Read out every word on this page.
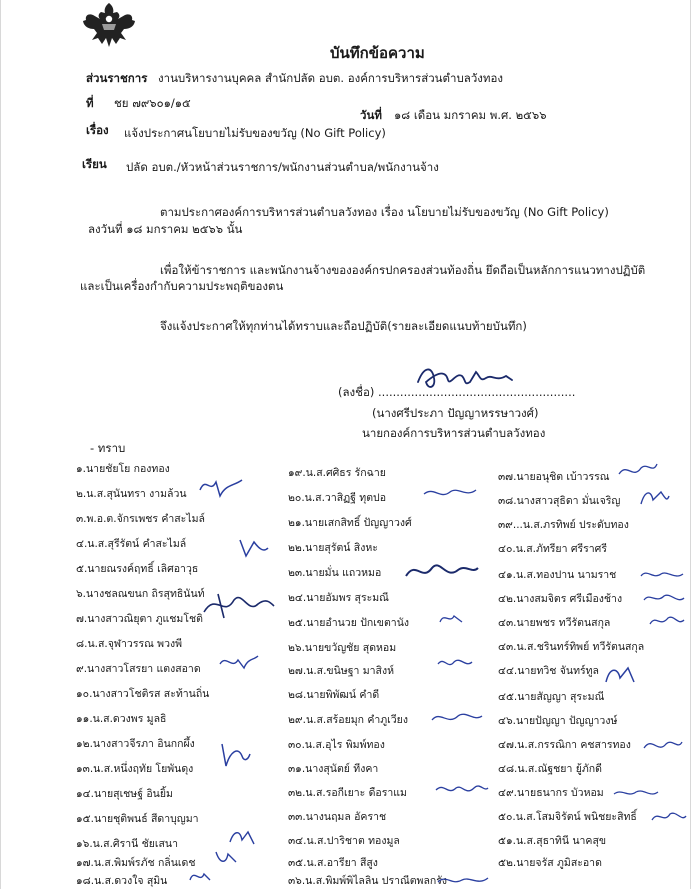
บันทึกข้อความ
ส่วนราชการ งานบริหารงานบุคคล สำนักปลัด อบต. องค์การบริหารส่วนตำบลวังทอง
ที่ ชย ๗๙๖๐๑/๑๕
วันที่ ๑๘ เดือน มกราคม พ.ศ. ๒๕๖๖
เรื่อง แจ้งประกาศนโยบายไม่รับของขวัญ (No Gift Policy)
เรียน ปลัด อบต./หัวหน้าส่วนราชการ/พนักงานส่วนตำบล/พนักงานจ้าง
ตามประกาศองค์การบริหารส่วนตำบลวังทอง เรื่อง นโยบายไม่รับของขวัญ (No Gift Policy)
ลงวันที่ ๑๘ มกราคม ๒๕๖๖ นั้น
เพื่อให้ข้าราชการ และพนักงานจ้างขององค์กรปกครองส่วนท้องถิ่น ยึดถือเป็นหลักการแนวทางปฏิบัติ
และเป็นเครื่องกำกับความประพฤติของตน
จึงแจ้งประกาศให้ทุกท่านได้ทราบและถือปฏิบัติ(รายละเอียดแนบท้ายบันทึก)
(ลงชื่อ) ......................................................
(นางศรีประภา ปัญญาหรรษาวงศ์)
นายกองค์การบริหารส่วนตำบลวังทอง
- ทราบ
๑.นายชัยโย กองทอง
๒.น.ส.สุนันทรา งามล้วน
๓.พ.อ.ต.จักรเพชร คำสะไมล์
๔.น.ส.สุรีรัตน์ คำสะไมล์
๕.นายณรงค์ฤทธิ์ เลิศอาวุธ
๖.นางชลณขนก ถิรสุทธินันท์
๗.นางสาวณิยุตา ภูแชมโชติ
๘.น.ส.จุฬาวรรณ พวงพี
๙.นางสาวโสรยา แตงสอาด
๑๐.นางสาวโชติรส สะท้านถิ่น
๑๑.น.ส.ดวงพร มูลธิ
๑๒.นางสาวจีรภา อินกกผึ้ง
๑๓.น.ส.หนึ่งฤทัย โยพันดุง
๑๔.นายสุเชษฐ์ อินยิ้ม
๑๕.นายชุติพนธ์ สีดาบุญมา
๑๖.น.ส.ศิรานี ชัยเสนา
๑๗.น.ส.พิมพ์รภัช กลิ่นเดช
๑๘.น.ส.ดวงใจ สุมิน
๑๙.น.ส.ศศิธร รักฉาย
๒๐.น.ส.วาสิฏฐี ทุตปอ
๒๑.นายเสกสิทธิ์ ปัญญาวงศ์
๒๒.นายสุรัตน์ สิงหะ
๒๓.นายมั่น แถวหมอ
๒๔.นายอัมพร สุระมณี
๒๕.นายอำนวย ปักเขตานัง
๒๖.นายขวัญชัย สุดหอม
๒๗.น.ส.ขนิษฐา มาสิงห์
๒๘.นายพิพัฒน์ คำดี
๒๙.น.ส.สร้อยมุก คำภูเวียง
๓๐.น.ส.อุไร พิมพ์ทอง
๓๑.นางสุนัตย์ ทีงคา
๓๒.น.ส.รอกีเยาะ ดือราแม
๓๓.นางนฤมล อัคราช
๓๔.น.ส.ปาริชาต ทองมูล
๓๕.น.ส.อารียา สีสูง
๓๖.น.ส.พิมพ์พิไลลิน ปราณีตพลกรัง
๓๗.นายอนุชิต เบ้าวรรณ
๓๘.นางสาวสุธิดา มั่นเจริญ
๓๙...น.ส.ภรทิพย์ ประดับทอง
๔๐.น.ส.ภัทรียา ศรีราศรี
๔๑.น.ส.ทองปาน นามราช
๔๒.นางสมจิตร ศรีเมืองช้าง
๔๓.นายพชร ทวีรัตนสกุล
๔๓.น.ส.ชรินทร์ทิพย์ ทวีรัตนสกุล
๔๔.นายทวิช จันทร์ทูล
๔๕.นายสัญญา สุระมณี
๔๖.นายปัญญา ปัญญาวงษ์
๔๗.น.ส.กรรณิกา คชสารทอง
๔๘.น.ส.ณัฐชยา ยู้ภักดี
๔๙.นายธนากร บัวหอม
๕๐.น.ส.โสมจิรัตน์ พนิชยะสิทธิ์
๕๑.น.ส.สุธาทินี นาคสุข
๕๒.นายจรัส ภูมิสะอาด
